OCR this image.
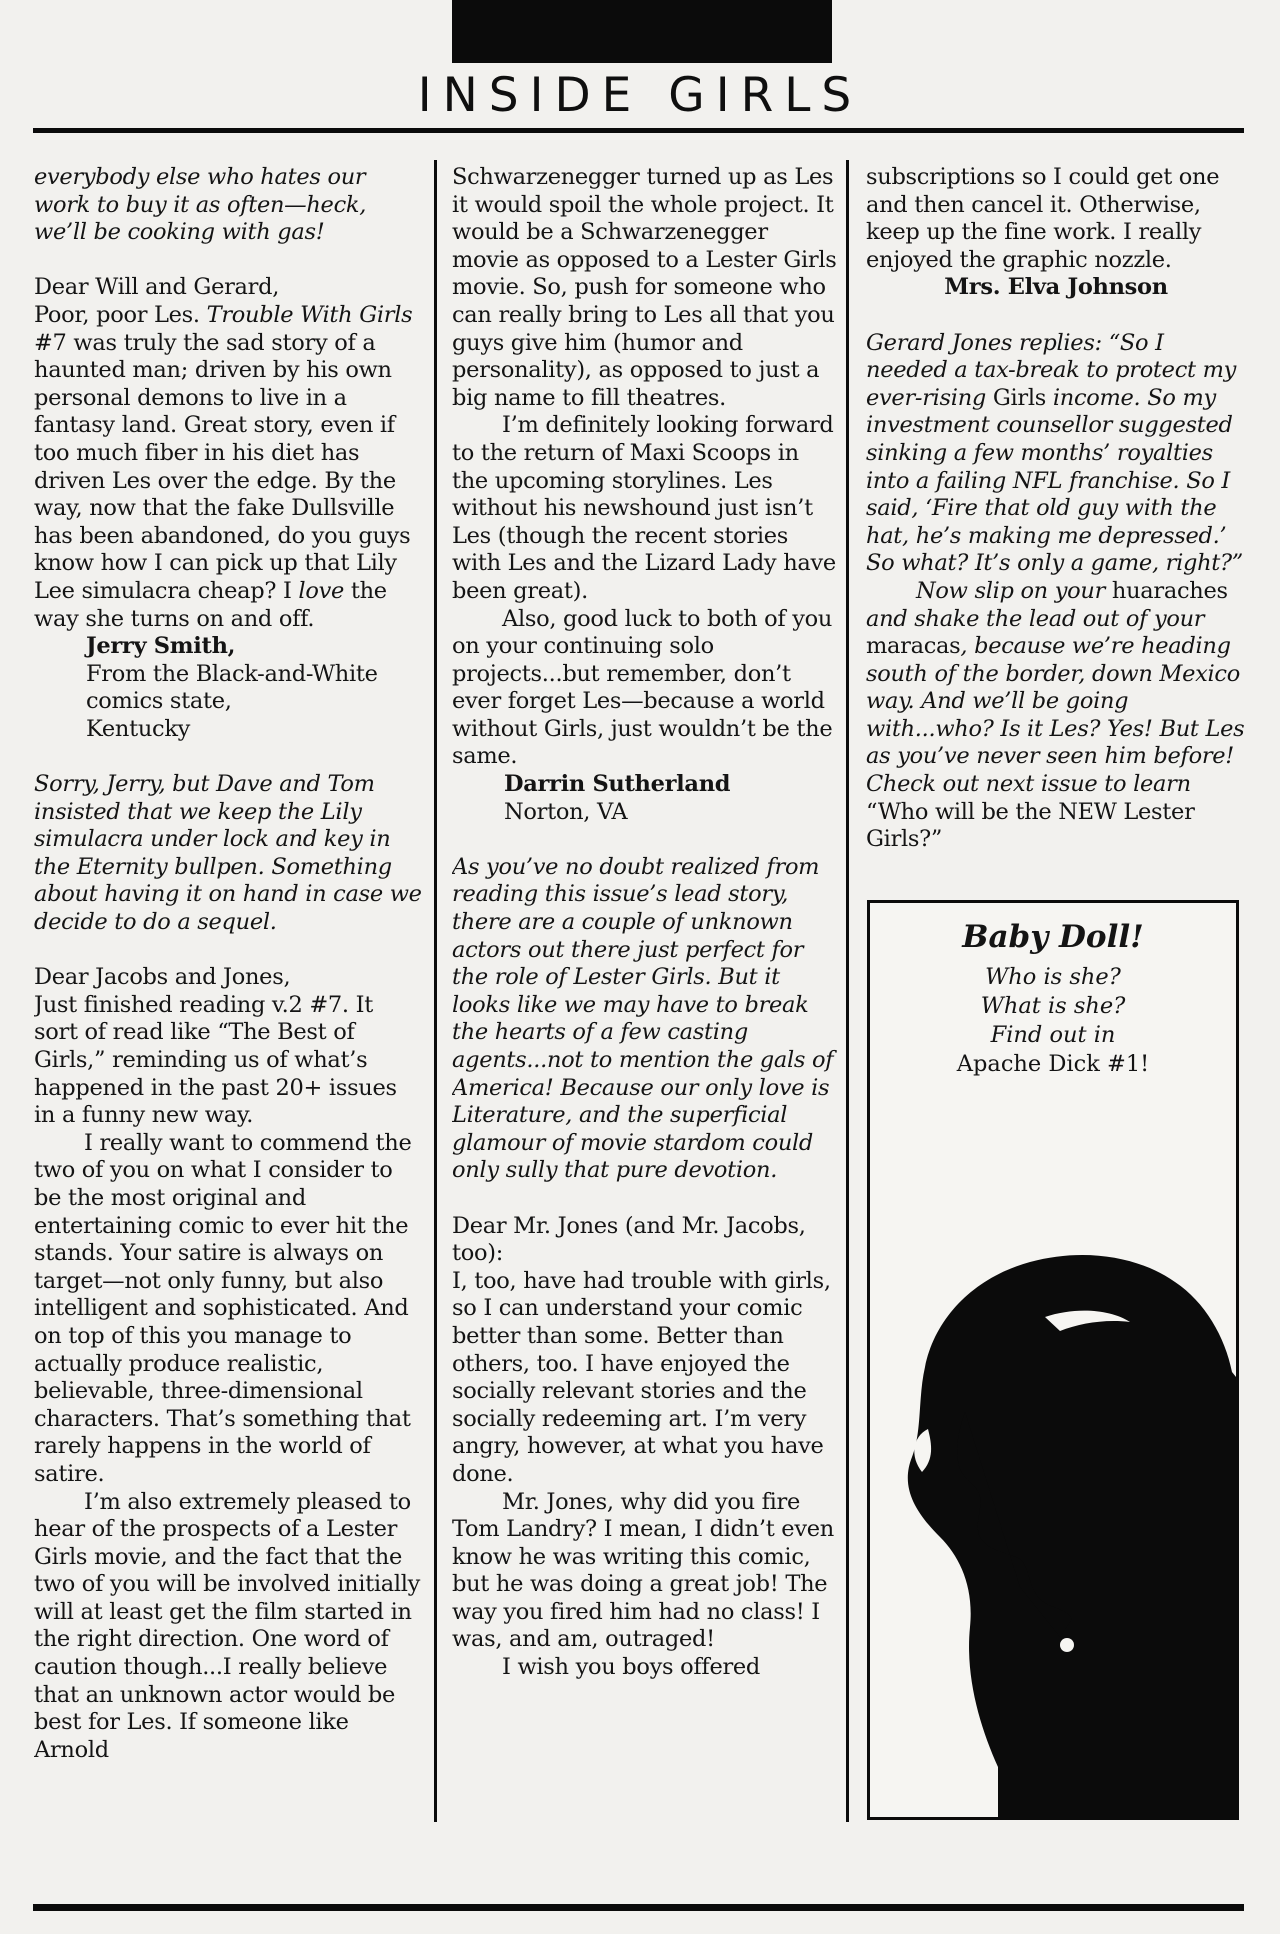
INSIDE GIRLS

everybody else who hates our work to buy it as often—heck, we’ll be cooking with gas!

Dear Will and Gerard,

Poor, poor Les. Trouble With Girls #7 was truly the sad story of a haunted man; driven by his own personal demons to live in a fantasy land. Great story, even if too much fiber in his diet has driven Les over the edge. By the way, now that the fake Dullsville has been abandoned, do you guys know how I can pick up that Lily Lee simulacra cheap? I love the way she turns on and off.

Jerry Smith,

From the Black-and-White

comics state,

Kentucky

Sorry, Jerry, but Dave and Tom insisted that we keep the Lily simulacra under lock and key in the Eternity bullpen. Something about having it on hand in case we decide to do a sequel.

Dear Jacobs and Jones,

Just finished reading v.2 #7. It sort of read like “The Best of Girls,” reminding us of what’s happened in the past 20+ issues in a funny new way.

I really want to commend the two of you on what I consider to be the most original and entertaining comic to ever hit the stands. Your satire is always on target—not only funny, but also intelligent and sophisticated. And on top of this you manage to actually produce realistic, believable, three-dimensional characters. That’s something that rarely happens in the world of satire.

I’m also extremely pleased to hear of the prospects of a Lester Girls movie, and the fact that the two of you will be involved initially will at least get the film started in the right direction. One word of caution though...I really believe that an unknown actor would be best for Les. If someone like Arnold

Schwarzenegger turned up as Les it would spoil the whole project. It would be a Schwarzenegger movie as opposed to a Lester Girls movie. So, push for someone who can really bring to Les all that you guys give him (humor and personality), as opposed to just a big name to fill theatres.

I’m definitely looking forward to the return of Maxi Scoops in the upcoming storylines. Les without his newshound just isn’t Les (though the recent stories with Les and the Lizard Lady have been great).

Also, good luck to both of you on your continuing solo projects...but remember, don’t ever forget Les—because a world without Girls, just wouldn’t be the same.

Darrin Sutherland

Norton, VA

As you’ve no doubt realized from reading this issue’s lead story, there are a couple of unknown actors out there just perfect for the role of Lester Girls. But it looks like we may have to break the hearts of a few casting agents...not to mention the gals of America! Because our only love is Literature, and the superficial glamour of movie stardom could only sully that pure devotion.

Dear Mr. Jones (and Mr. Jacobs, too):

I, too, have had trouble with girls, so I can understand your comic better than some. Better than others, too. I have enjoyed the socially relevant stories and the socially redeeming art. I’m very angry, however, at what you have done.

Mr. Jones, why did you fire Tom Landry? I mean, I didn’t even know he was writing this comic, but he was doing a great job! The way you fired him had no class! I was, and am, outraged!

I wish you boys offered

subscriptions so I could get one and then cancel it. Otherwise, keep up the fine work. I really enjoyed the graphic nozzle.

Mrs. Elva Johnson

Gerard Jones replies: “So I needed a tax-break to protect my ever-rising Girls income. So my investment counsellor suggested sinking a few months’ royalties into a failing NFL franchise. So I said, ‘Fire that old guy with the hat, he’s making me depressed.’ So what? It’s only a game, right?”

Now slip on your huaraches and shake the lead out of your maracas, because we’re heading south of the border, down Mexico way. And we’ll be going with...who? Is it Les? Yes! But Les as you’ve never seen him before! Check out next issue to learn “Who will be the NEW Lester Girls?”

Baby Doll!
Who is she?
What is she?
Find out in
Apache Dick #1!
